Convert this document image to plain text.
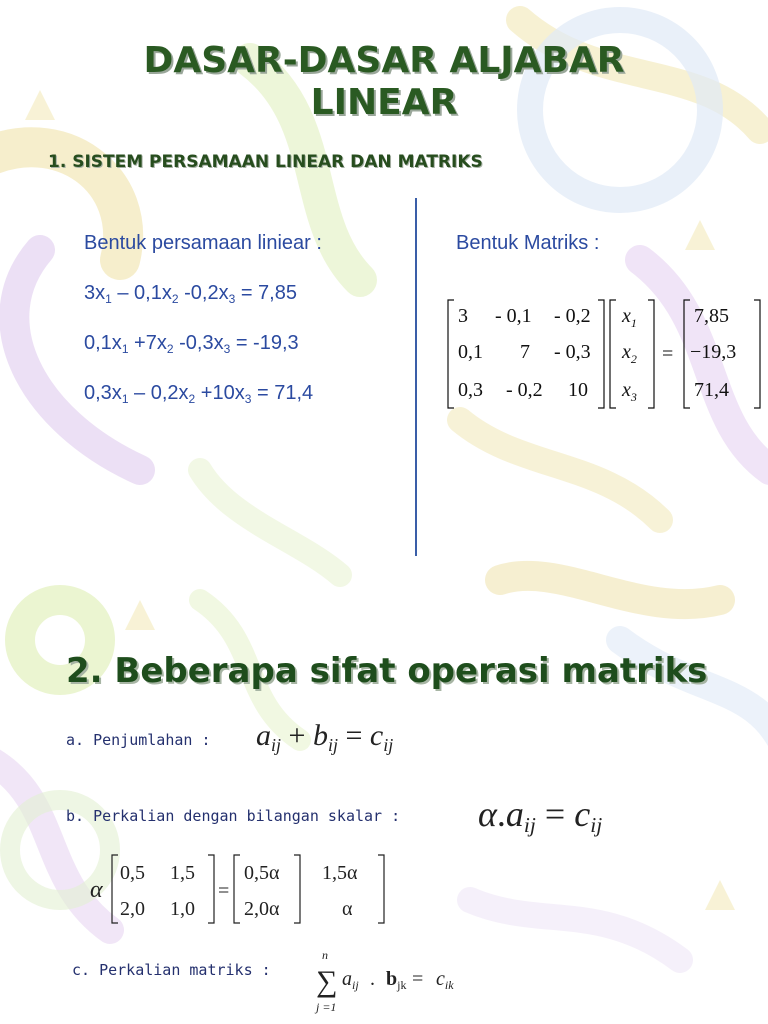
DASAR-DASAR ALJABAR
LINEAR
1. SISTEM PERSAMAAN LINEAR DAN MATRIKS
Bentuk persamaan liniear :	Bentuk Matriks :
$3x_1 - 0,1x_2$ $-0,2x_3 = 7,85$
$0,1x_1 +7x_2$ $-0,3x_3 = -19,3$
$0,3x_1 - 0,2x_2 +10x_3 = 71,4$
3 - 0,1 - 0,2
0,1 7 - 0,3
0,3 - 0,2 10
$x_1$
$x_2$
$x_3$
=
7,85
−19,3
71,4
2. Beberapa sifat operasi matriks
a. Penjumlahan : $a_{ij} + b_{ij} = c_{ij}$
b. Perkalian dengan bilangan skalar : $\alpha.a_{ij} = c_{ij}$
α
0,5 1,5
2,0 1,0
=
0,5α 1,5α
2,0α	α
c. Perkalian matriks :
n
∑
j =1
$a_{ij}$ . $b_{jk} = c_{ik}$
